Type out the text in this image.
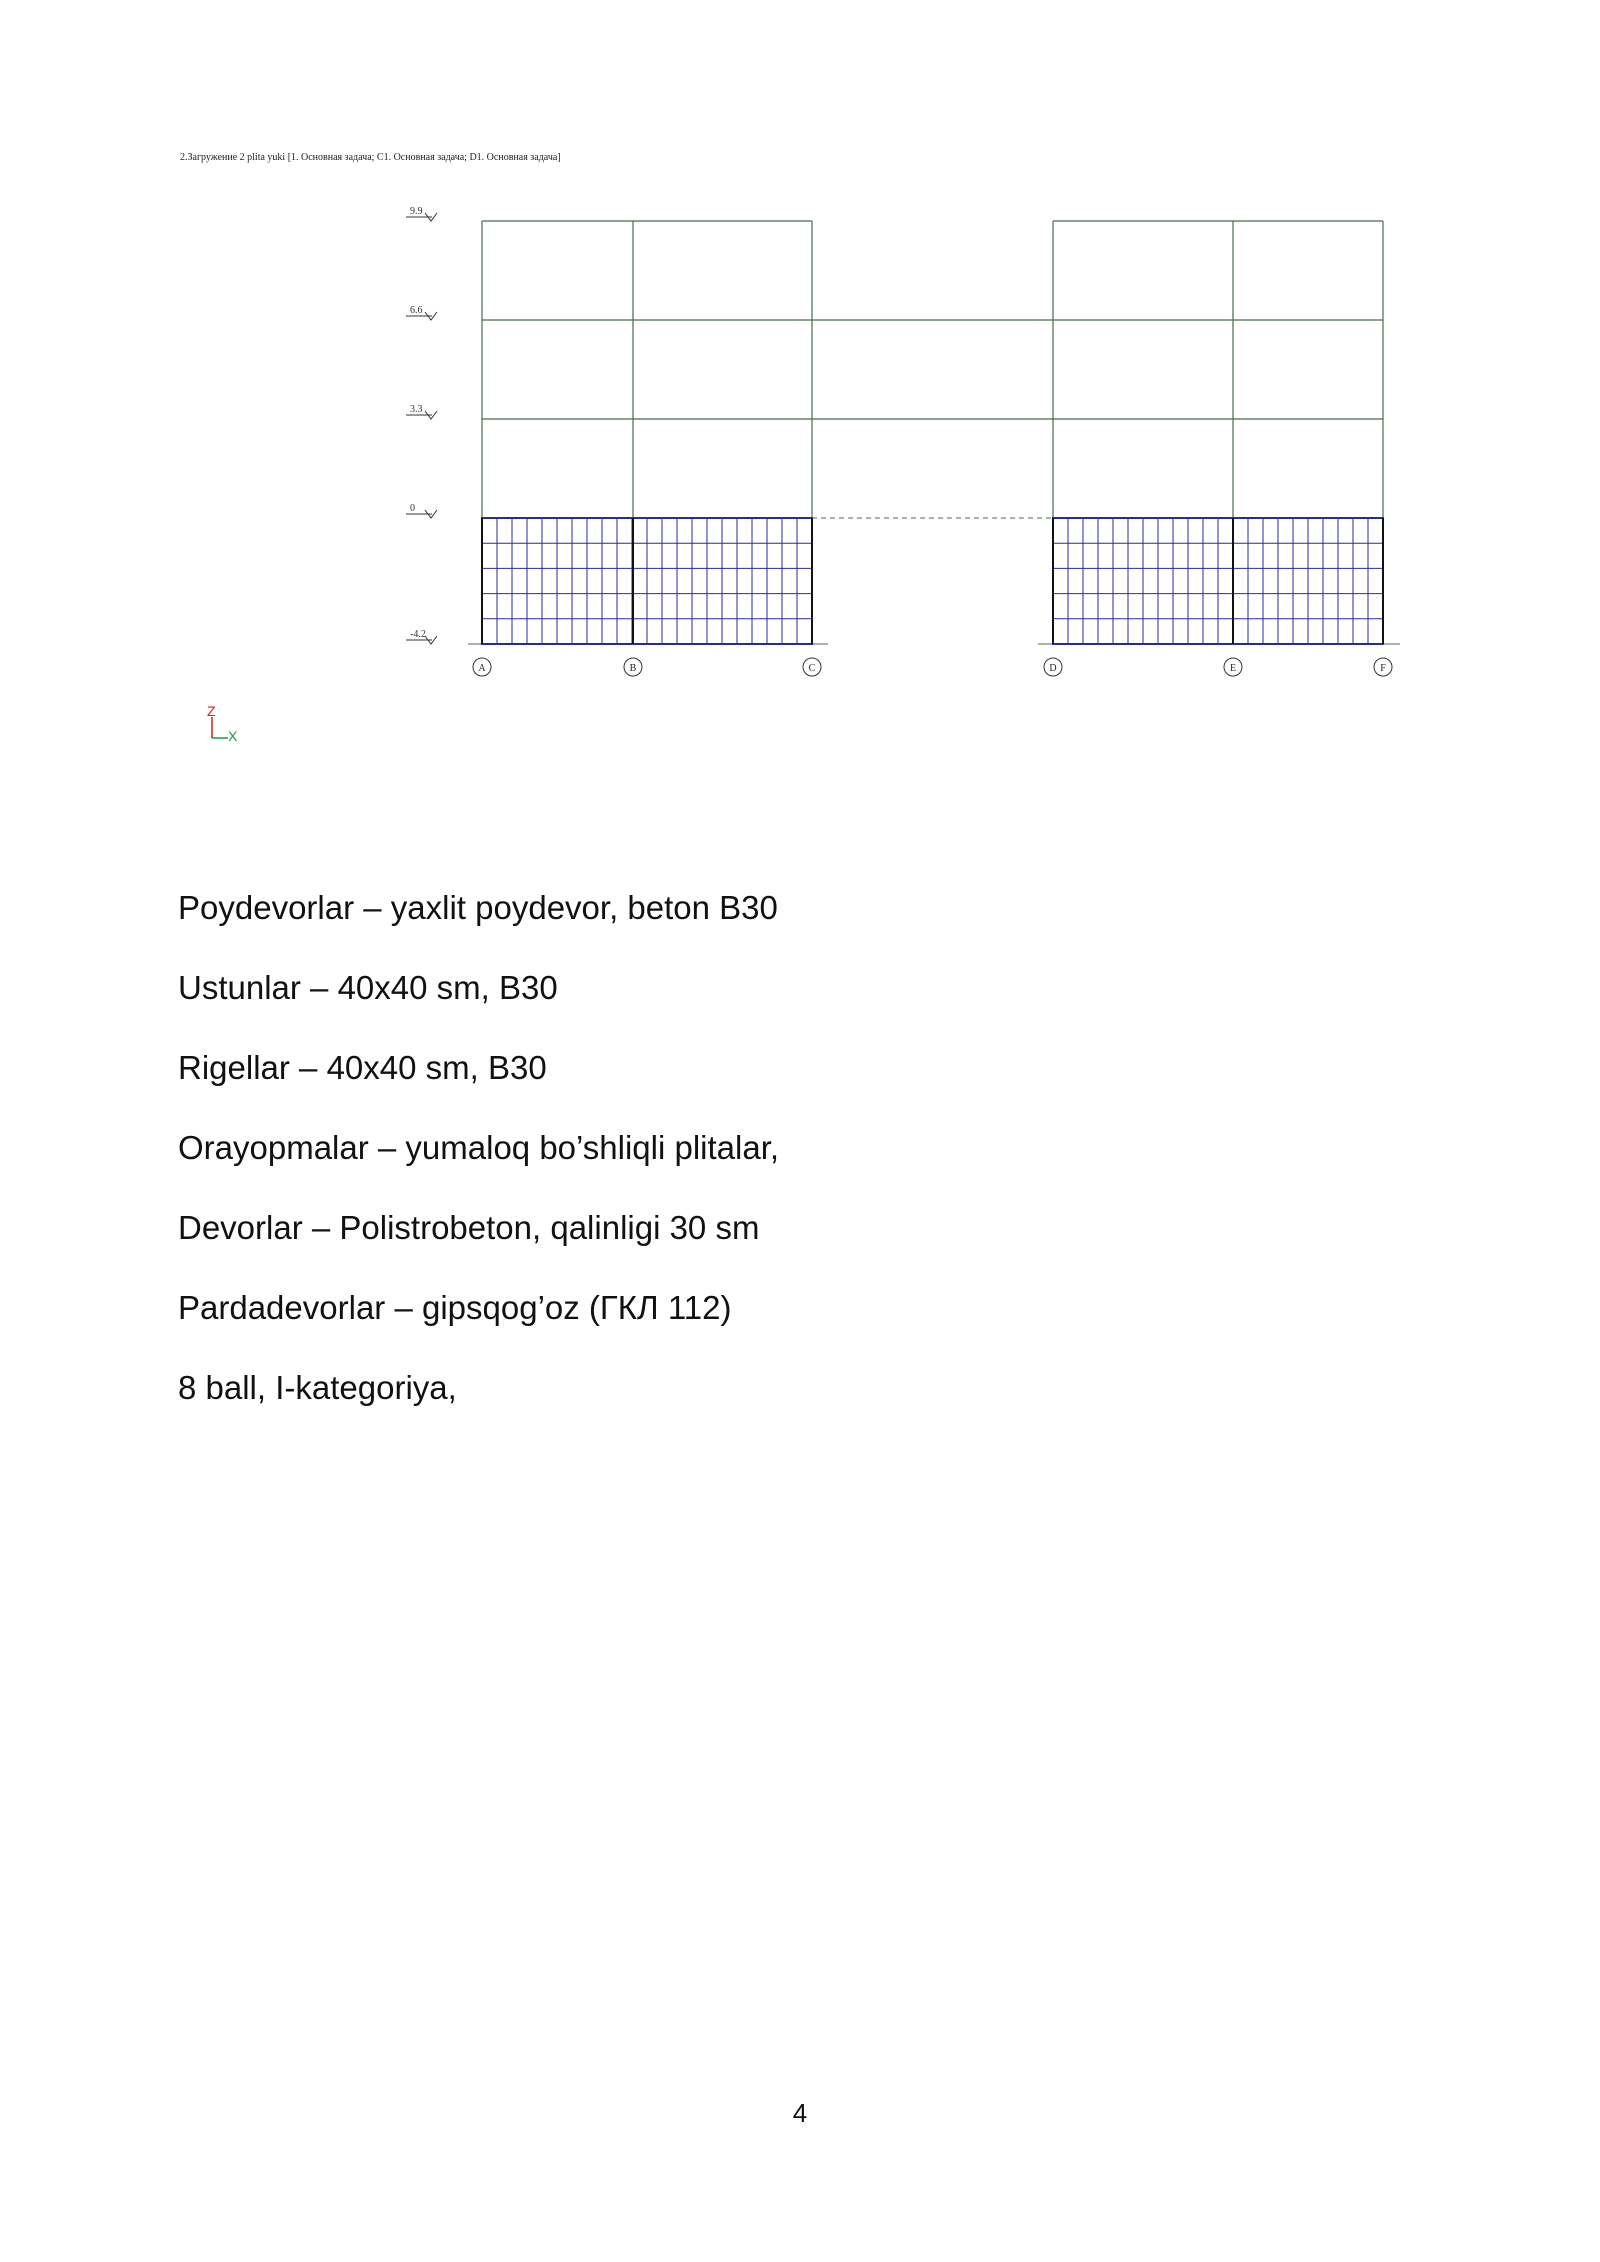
2.Загружение 2 plita yuki [1. Основная задача; C1. Основная задача; D1. Основная задача]
9.9
6.6
3.3
0
-4.2
A	B	C	D	E	F
Z
X
Poydevorlar – yaxlit poydevor, beton B30
Ustunlar – 40x40 sm, B30
Rigellar – 40x40 sm, B30
Orayopmalar – yumaloq bo’shliqli plitalar,
Devorlar – Polistrobeton, qalinligi 30 sm
Pardadevorlar – gipsqog’oz (ГКЛ 112)
8 ball, I-kategoriya,
4
